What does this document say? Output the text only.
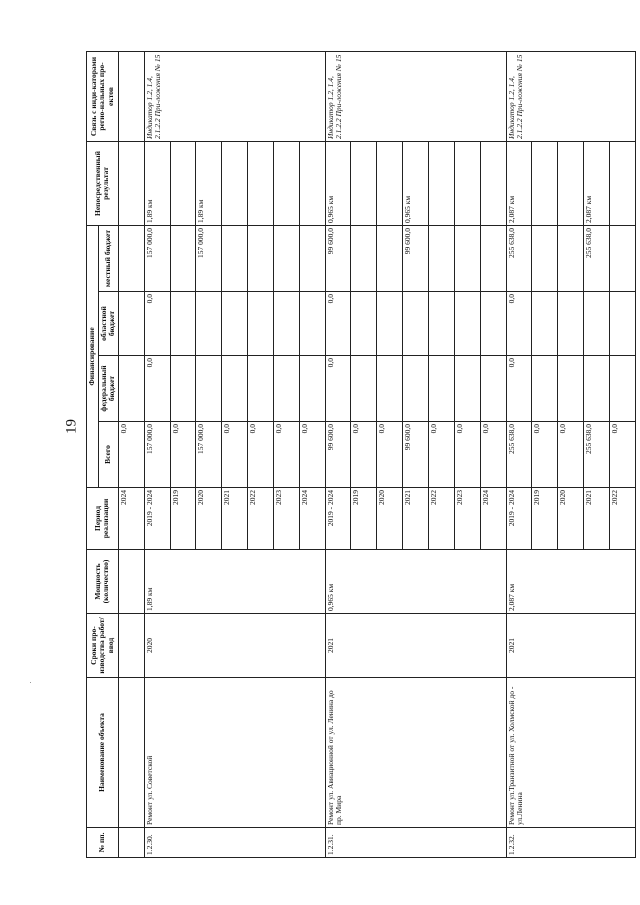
19
№ пп.	Наименование объекта	Сроки про-изводства работ/ ввод	Мощность (количество)	Период реализации	Финансирование				Непосредственный результат	Связь с инди-каторами регио-нальных про-ектов
					Всего	федеральный бюджет	областной бюджет	местный бюджет		
				2024	0,0					
1.2.30.	Ремонт ул. Советской	2020	1,89 км	2019 - 2024	157 000,0	0,0	0,0	157 000,0	1,89 км	Индикатор 1.2, 1.4, 2.1.2.2 При-ложения № 15
				2019	0,0					
				2020	157 000,0			157 000,0	1,89 км	
				2021	0,0					
				2022	0,0					
				2023	0,0					
				2024	0,0					
1.2.31.	Ремонт ул. Авиационной от ул. Ленина до пр. Мира	2021	0,965 км	2019 - 2024	99 600,0	0,0	0,0	99 600,0	0,965 км	Индикатор 1.2, 1.4, 2.1.2.2 При-ложения № 15
				2019	0,0					
				2020	0,0					
				2021	99 600,0			99 600,0	0,965 км	
				2022	0,0					
				2023	0,0					
				2024	0,0					
1.2.32.	Ремонт ул.Транзитной от ул. Холмской до - ул.Ленина	2021	2,087 км	2019 - 2024	255 638,0	0,0	0,0	255 638,0	2,087 км	Индикатор 1.2, 1.4, 2.1.2.2 При-ложения № 15
				2019	0,0					
				2020	0,0					
				2021	255 638,0			255 638,0	2,087 км	
				2022	0,0					
